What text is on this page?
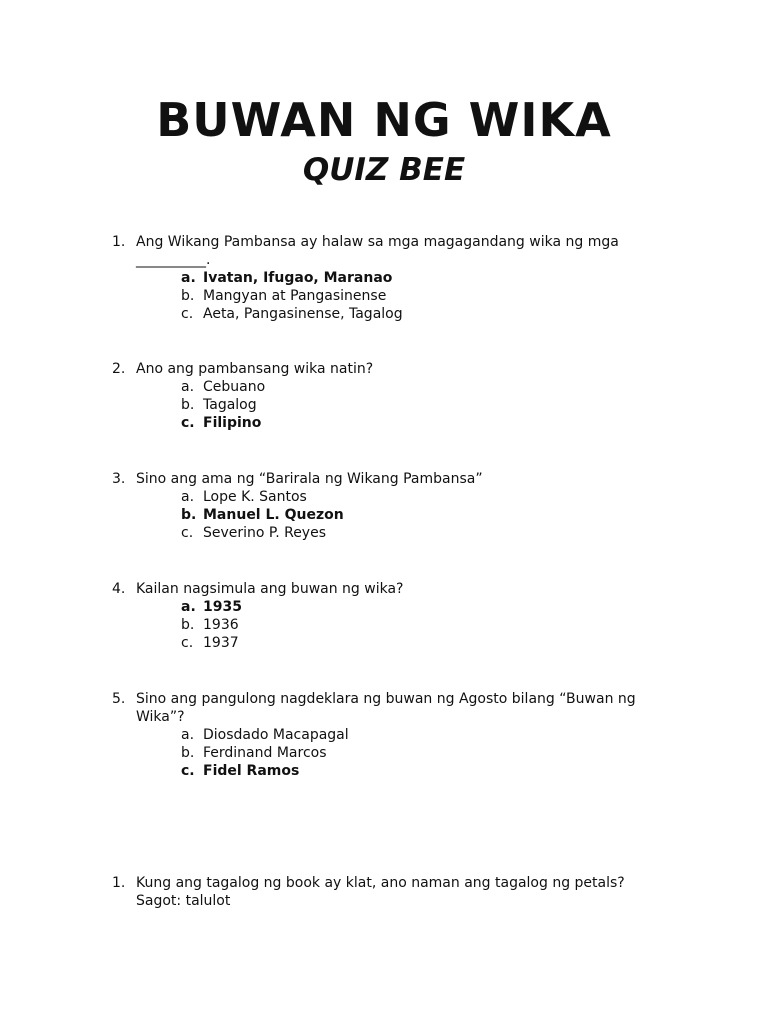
BUWAN NG WIKA
QUIZ BEE
1. Ang Wikang Pambansa ay halaw sa mga magagandang wika ng mga __________.
a. Ivatan, Ifugao, Maranao
b. Mangyan at Pangasinense
c. Aeta, Pangasinense, Tagalog
2. Ano ang pambansang wika natin?
a. Cebuano
b. Tagalog
c. Filipino
3. Sino ang ama ng “Barirala ng Wikang Pambansa”
a. Lope K. Santos
b. Manuel L. Quezon
c. Severino P. Reyes
4. Kailan nagsimula ang buwan ng wika?
a. 1935
b. 1936
c. 1937
5. Sino ang pangulong nagdeklara ng buwan ng Agosto bilang “Buwan ng Wika”?
a. Diosdado Macapagal
b. Ferdinand Marcos
c. Fidel Ramos
1. Kung ang tagalog ng book ay klat, ano naman ang tagalog ng petals?
Sagot: talulot
